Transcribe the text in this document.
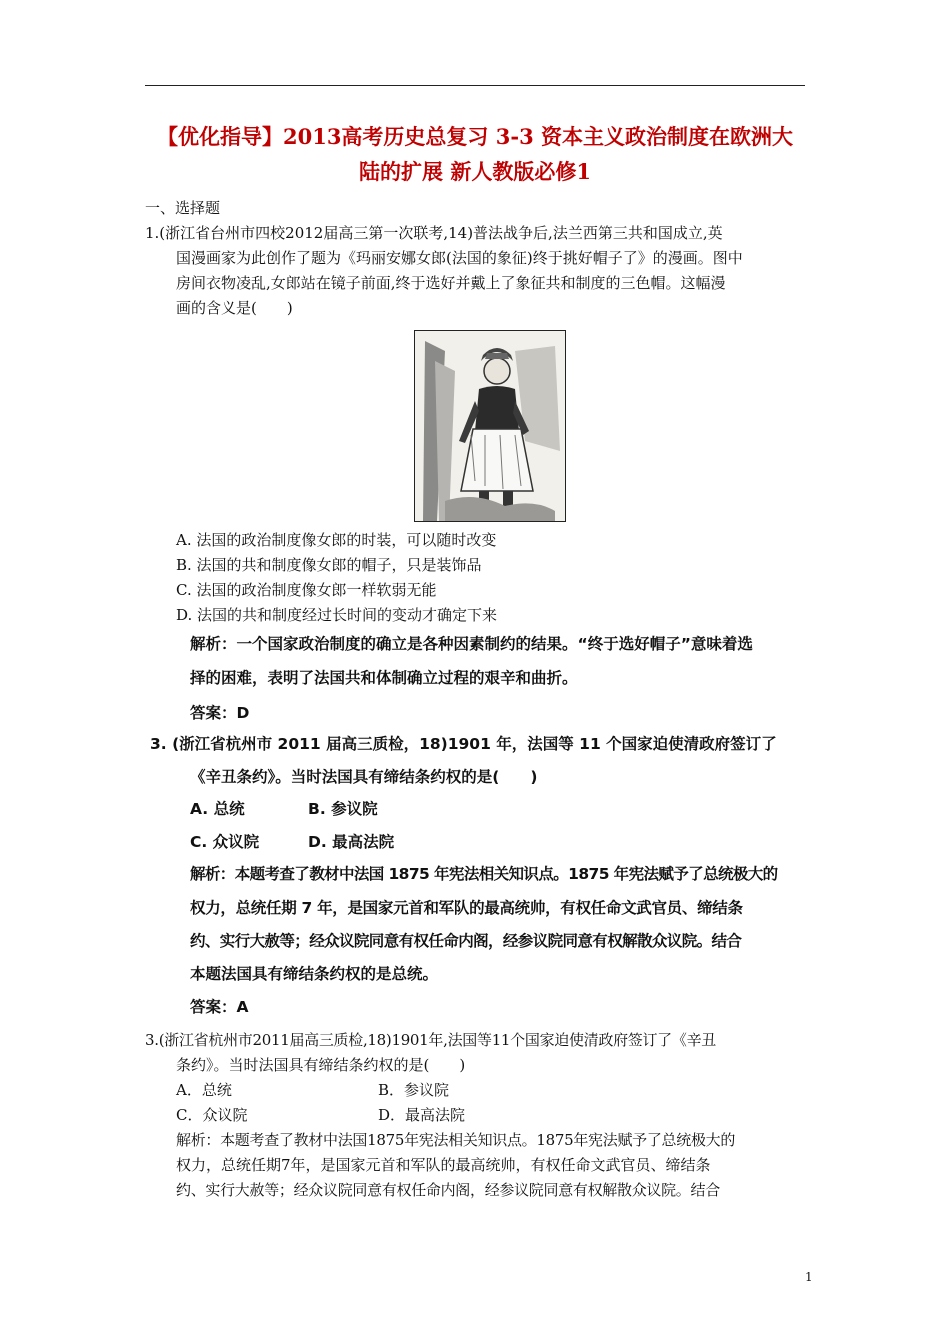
【优化指导】2013高考历史总复习 3-3 资本主义政治制度在欧洲大
陆的扩展 新人教版必修1
一、选择题
1.(浙江省台州市四校2012届高三第一次联考,14)普法战争后,法兰西第三共和国成立,英
国漫画家为此创作了题为《玛丽安娜女郎(法国的象征)终于挑好帽子了》的漫画。图中
房间衣物凌乱,女郎站在镜子前面,终于选好并戴上了象征共和制度的三色帽。这幅漫
画的含义是(　　)
A. 法国的政治制度像女郎的时装，可以随时改变
B. 法国的共和制度像女郎的帽子，只是装饰品
C. 法国的政治制度像女郎一样软弱无能
D. 法国的共和制度经过长时间的变动才确定下来
解析：一个国家政治制度的确立是各种因素制约的结果。“终于选好帽子”意味着选
择的困难，表明了法国共和体制确立过程的艰辛和曲折。
答案：D
3. (浙江省杭州市 2011 届高三质检，18)1901 年，法国等 11 个国家迫使清政府签订了
《辛丑条约》。当时法国具有缔结条约权的是(　　)
A. 总统	B. 参议院
C. 众议院	D. 最高法院
解析：本题考查了教材中法国 1875 年宪法相关知识点。1875 年宪法赋予了总统极大的
权力，总统任期 7 年，是国家元首和军队的最高统帅，有权任命文武官员、缔结条
约、实行大赦等；经众议院同意有权任命内阁，经参议院同意有权解散众议院。结合
本题法国具有缔结条约权的是总统。
答案：A
3.(浙江省杭州市2011届高三质检,18)1901年,法国等11个国家迫使清政府签订了《辛丑
条约》。当时法国具有缔结条约权的是(　　)
A．总统	B．参议院
C．众议院	D．最高法院
解析：本题考查了教材中法国1875年宪法相关知识点。1875年宪法赋予了总统极大的
权力，总统任期7年，是国家元首和军队的最高统帅，有权任命文武官员、缔结条
约、实行大赦等；经众议院同意有权任命内阁，经参议院同意有权解散众议院。结合
1
